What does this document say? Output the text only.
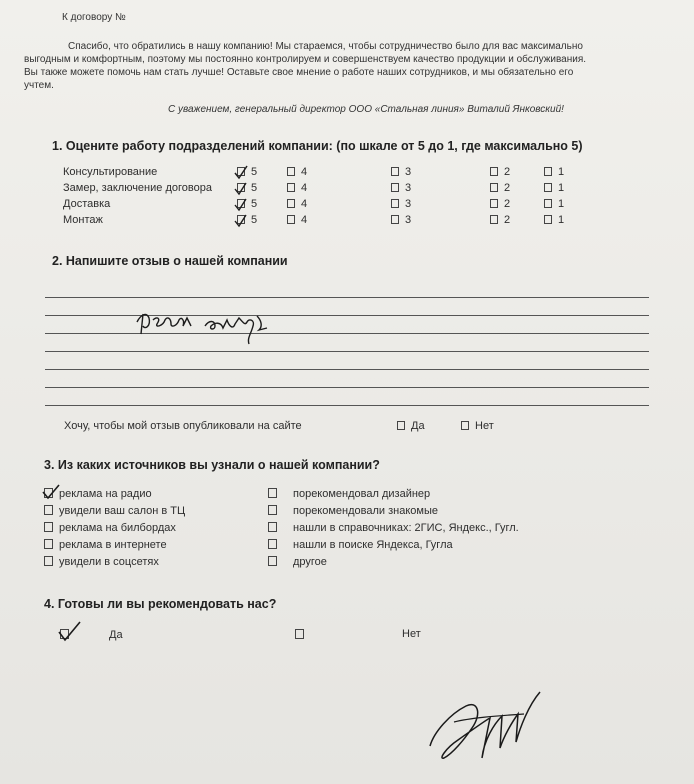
К договору №
Спасибо, что обратились в нашу компанию! Мы стараемся, чтобы сотрудничество было для вас максимально
выгодным и комфортным, поэтому мы постоянно контролируем и совершенствуем качество продукции и обслуживания.
Вы также можете помочь нам стать лучше! Оставьте свое мнение о работе наших сотрудников, и мы обязательно его
учтем.
С уважением, генеральный директор ООО «Стальная линия» Виталий Янковский!
1. Оцените работу подразделений компании: (по шкале от 5 до 1, где максимально 5)
Консультирование	5	4	3	2	1
Замер, заключение договора	5	4	3	2	1
Доставка	5	4	3	2	1
Монтаж	5	4	3	2	1
2. Напишите отзыв о нашей компании
Хочу, чтобы мой отзыв опубликовали на сайте	Да	Нет
3. Из каких источников вы узнали о нашей компании?
реклама на радио
увидели ваш салон в ТЦ
реклама на билбордах
реклама в интернете
увидели в соцсетях
порекомендовал дизайнер
порекомендовали знакомые
нашли в справочниках: 2ГИС, Яндекс., Гугл.
нашли в поиске Яндекса, Гугла
другое
4. Готовы ли вы рекомендовать нас?
Да	Нет
